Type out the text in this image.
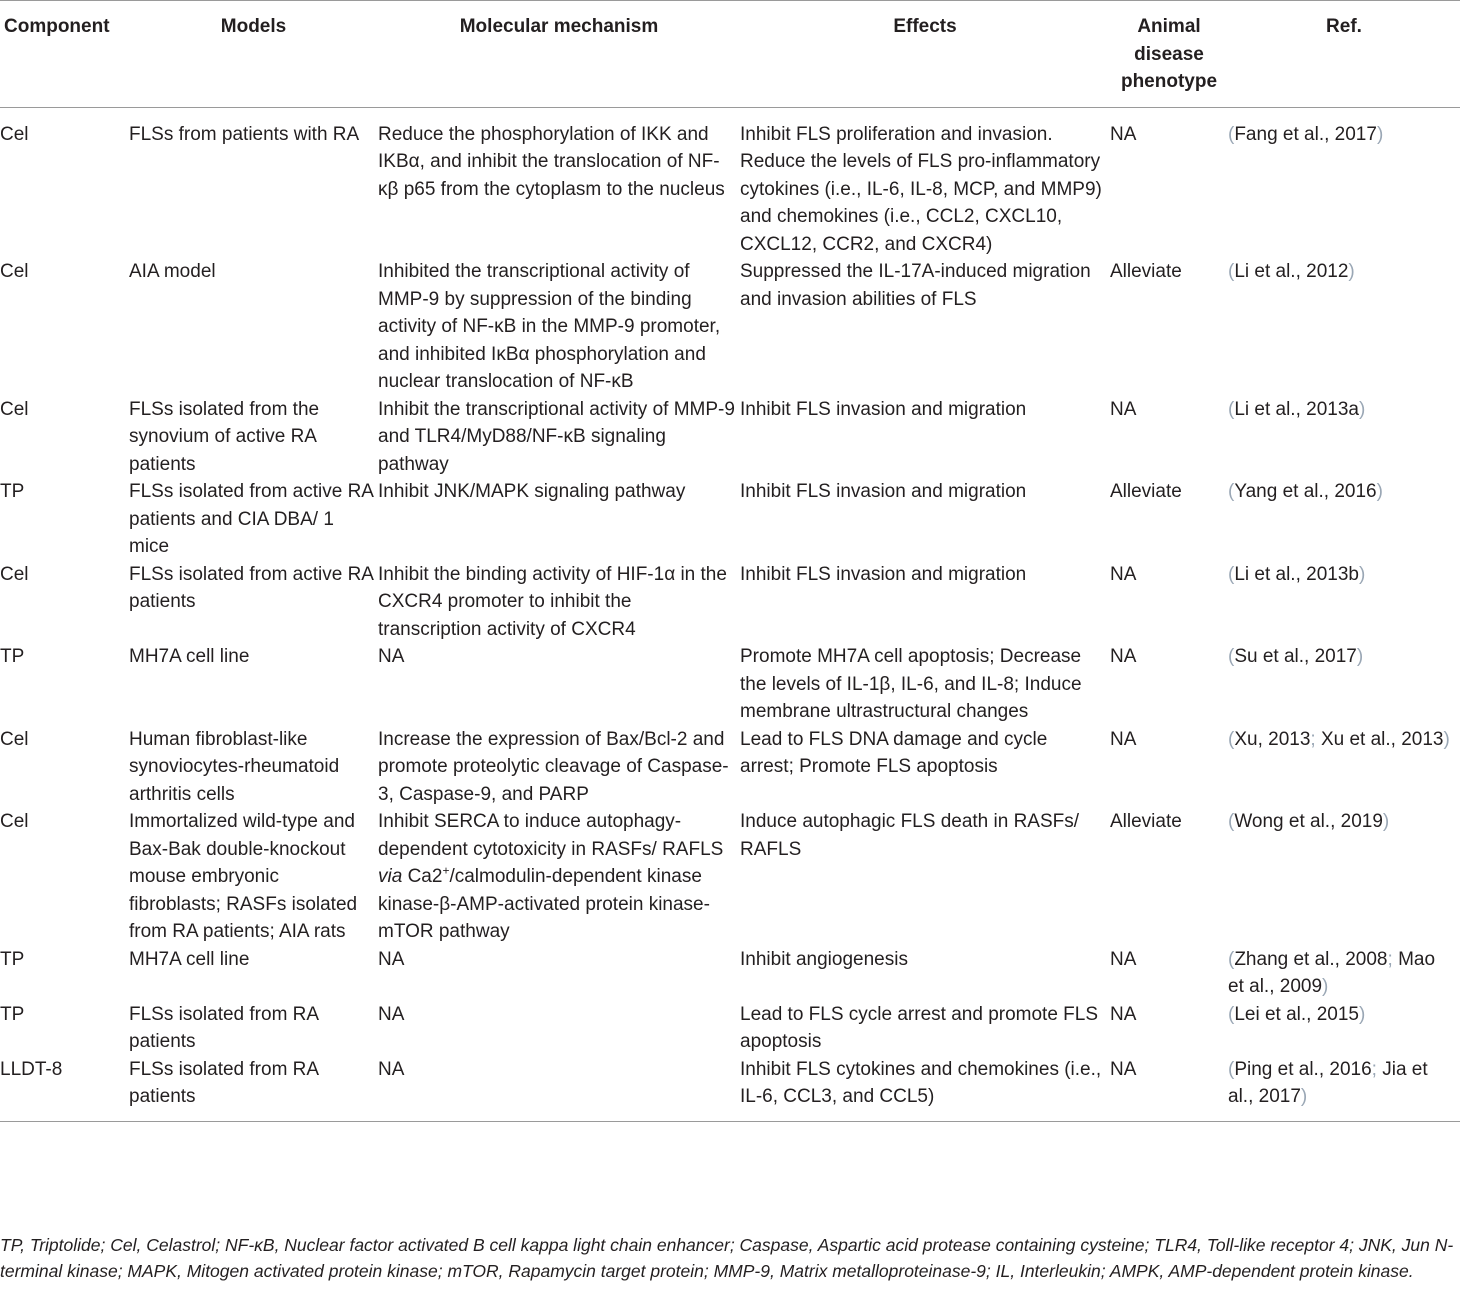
Component	Models	Molecular mechanism	Effects	Animal disease phenotype	Ref.
Cel	FLSs from patients with RA	Reduce the phosphorylation of IKK and IKBα, and inhibit the translocation of NF-κβ p65 from the cytoplasm to the nucleus	Inhibit FLS proliferation and invasion. Reduce the levels of FLS pro-inflammatory cytokines (i.e., IL-6, IL-8, MCP, and MMP9) and chemokines (i.e., CCL2, CXCL10, CXCL12, CCR2, and CXCR4)	NA	(Fang et al., 2017)
Cel	AIA model	Inhibited the transcriptional activity of MMP-9 by suppression of the binding activity of NF-κB in the MMP-9 promoter, and inhibited IκBα phosphorylation and nuclear translocation of NF-κB	Suppressed the IL-17A-induced migration and invasion abilities of FLS	Alleviate	(Li et al., 2012)
Cel	FLSs isolated from the synovium of active RA patients	Inhibit the transcriptional activity of MMP-9 and TLR4/MyD88/NF-κB signaling pathway	Inhibit FLS invasion and migration	NA	(Li et al., 2013a)
TP	FLSs isolated from active RA patients and CIA DBA/ 1 mice	Inhibit JNK/MAPK signaling pathway	Inhibit FLS invasion and migration	Alleviate	(Yang et al., 2016)
Cel	FLSs isolated from active RA patients	Inhibit the binding activity of HIF-1α in the CXCR4 promoter to inhibit the transcription activity of CXCR4	Inhibit FLS invasion and migration	NA	(Li et al., 2013b)
TP	MH7A cell line	NA	Promote MH7A cell apoptosis; Decrease the levels of IL-1β, IL-6, and IL-8; Induce membrane ultrastructural changes	NA	(Su et al., 2017)
Cel	Human fibroblast-like synoviocytes-rheumatoid arthritis cells	Increase the expression of Bax/Bcl-2 and promote proteolytic cleavage of Caspase-3, Caspase-9, and PARP	Lead to FLS DNA damage and cycle arrest; Promote FLS apoptosis	NA	(Xu, 2013; Xu et al., 2013)
Cel	Immortalized wild-type and Bax-Bak double-knockout mouse embryonic fibroblasts; RASFs isolated from RA patients; AIA rats	Inhibit SERCA to induce autophagy-dependent cytotoxicity in RASFs/ RAFLS via Ca2+/calmodulin-dependent kinase kinase-β-AMP-activated protein kinase-mTOR pathway	Induce autophagic FLS death in RASFs/ RAFLS	Alleviate	(Wong et al., 2019)
TP	MH7A cell line	NA	Inhibit angiogenesis	NA	(Zhang et al., 2008; Mao et al., 2009)
TP	FLSs isolated from RA patients	NA	Lead to FLS cycle arrest and promote FLS apoptosis	NA	(Lei et al., 2015)
LLDT-8	FLSs isolated from RA patients	NA	Inhibit FLS cytokines and chemokines (i.e., IL-6, CCL3, and CCL5)	NA	(Ping et al., 2016; Jia et al., 2017)

TP, Triptolide; Cel, Celastrol; NF-κB, Nuclear factor activated B cell kappa light chain enhancer; Caspase, Aspartic acid protease containing cysteine; TLR4, Toll-like receptor 4; JNK, Jun N-terminal kinase; MAPK, Mitogen activated protein kinase; mTOR, Rapamycin target protein; MMP-9, Matrix metalloproteinase-9; IL, Interleukin; AMPK, AMP-dependent protein kinase.
